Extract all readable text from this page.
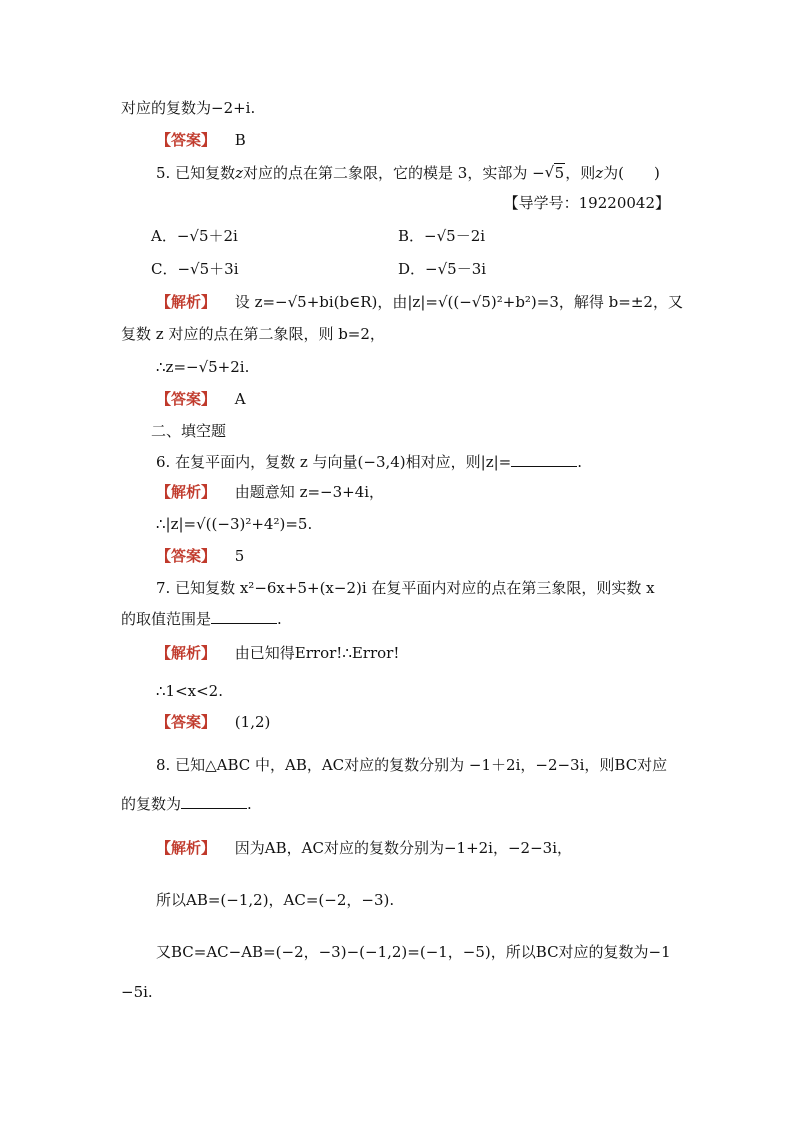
对应的复数为−2+i.
【答案】 B
5. 已知复数z对应的点在第二象限，它的模是 3，实部为 −√ 5，则z为(　　)
【导学号：19220042】
A．−√5＋2i	B．−√5－2i
C．−√5＋3i	D．−√5－3i
【解析】 设 z=−√5+bi(b∈R)，由|z|=√((−√5)²+b²)=3，解得 b=±2，又
复数 z 对应的点在第二象限，则 b=2，
∴z=−√5+2i.
【答案】 A
二、填空题
6. 在复平面内，复数 z 与向量(−3,4)相对应，则|z|=	.
【解析】 由题意知 z=−3+4i，
∴|z|=√((−3)²+4²)=5.
【答案】 5
7. 已知复数 x²−6x+5+(x−2)i 在复平面内对应的点在第三象限，则实数 x
的取值范围是	.
【解析】 由已知得Error!∴Error!
∴1<x<2.
【答案】 (1,2)
8. 已知△ABC 中，AB，AC对应的复数分别为 −1＋2i，−2−3i，则BC对应
的复数为	.
【解析】 因为AB，AC对应的复数分别为−1+2i，−2−3i，
所以AB=(−1,2)，AC=(−2，−3).
又BC=AC−AB=(−2，−3)−(−1,2)=(−1，−5)，所以BC对应的复数为−1
−5i.
